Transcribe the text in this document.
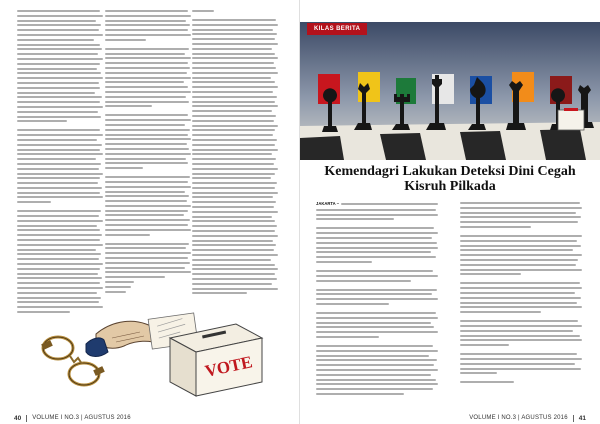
VOTE
40 VOLUME I NO.3 | AGUSTUS 2016
KILAS BERITA
Kemendagri Lakukan Deteksi Dini Cegah Kisruh Pilkada
JAKARTA –
VOLUME I NO.3 | AGUSTUS 2016 41
